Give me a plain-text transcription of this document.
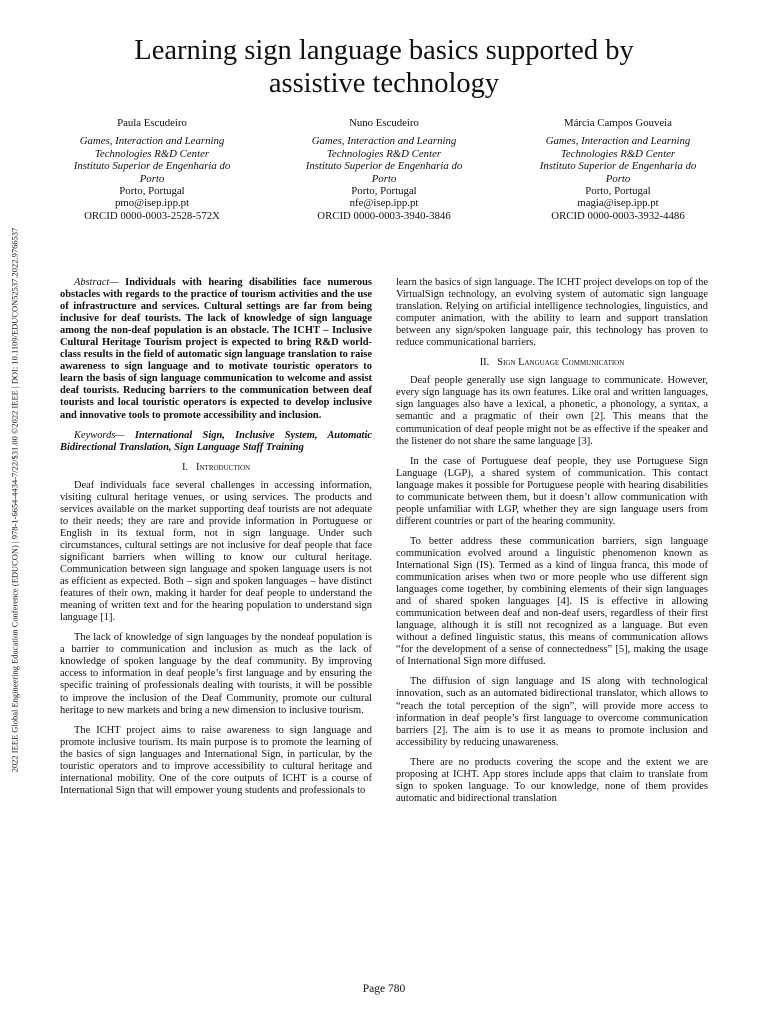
2022 IEEE Global Engineering Education Conference (EDUCON) | 978-1-6654-4434-7/22/$31.00 ©2022 IEEE | DOI: 10.1109/EDUCON52537.2022.9766537
Learning sign language basics supported by
assistive technology
Paula Escudeiro
Games, Interaction and Learning
Technologies R&D Center
Instituto Superior de Engenharia do
Porto
Porto, Portugal
pmo@isep.ipp.pt
ORCID 0000-0003-2528-572X
Nuno Escudeiro
Games, Interaction and Learning
Technologies R&D Center
Instituto Superior de Engenharia do
Porto
Porto, Portugal
nfe@isep.ipp.pt
ORCID 0000-0003-3940-3846
Márcia Campos Gouveia
Games, Interaction and Learning
Technologies R&D Center
Instituto Superior de Engenharia do
Porto
Porto, Portugal
magia@isep.ipp.pt
ORCID 0000-0003-3932-4486

Abstract— Individuals with hearing disabilities face numerous obstacles with regards to the practice of tourism activities and the use of infrastructure and services. Cultural settings are far from being inclusive for deaf tourists. The lack of knowledge of sign language among the non-deaf population is an obstacle. The ICHT – Inclusive Cultural Heritage Tourism project is expected to bring R&D world-class results in the field of automatic sign language translation to raise awareness to sign language and to motivate touristic operators to learn the basis of sign language communication to welcome and assist deaf tourists. Reducing barriers to the communication between deaf tourists and local touristic operators is expected to develop inclusive and innovative tools to promote accessibility and inclusion.

Keywords— International Sign, Inclusive System, Automatic Bidirectional Translation, Sign Language Staff Training

I. Introduction

Deaf individuals face several challenges in accessing information, visiting cultural heritage venues, or using services. The products and services available on the market supporting deaf tourists are not adequate to their needs; they are rare and provide information in Portuguese or English in its textual form, not in sign language. Under such circumstances, cultural settings are not inclusive for deaf people that face significant barriers when willing to know our cultural heritage. Communication between sign language and spoken language users is not as efficient as expected. Both – sign and spoken languages – have distinct features of their own, making it harder for deaf people to understand the meaning of written text and for the hearing population to understand sign language [1].

The lack of knowledge of sign languages by the nondeaf population is a barrier to communication and inclusion as much as the lack of knowledge of spoken language by the deaf community. By improving access to information in deaf people’s first language and by ensuring the specific training of professionals dealing with tourists, it will be possible to improve the inclusion of the Deaf Community, promote our cultural heritage to new markets and bring a new dimension to inclusive tourism.

The ICHT project aims to raise awareness to sign language and promote inclusive tourism. Its main purpose is to promote the learning of the basics of sign languages and International Sign, in particular, by the touristic operators and to improve accessibility to cultural heritage and international mobility. One of the core outputs of ICHT is a course of International Sign that will empower young students and professionals to

learn the basics of sign language. The ICHT project develops on top of the VirtualSign technology, an evolving system of automatic sign language translation. Relying on artificial intelligence technologies, linguistics, and computer animation, with the ability to learn and support translation between any sign/spoken language pair, this technology has proven to reduce communicational barriers.

II. Sign Language Communication

Deaf people generally use sign language to communicate. However, every sign language has its own features. Like oral and written languages, sign languages also have a lexical, a phonetic, a phonology, a syntax, a semantic and a pragmatic of their own [2]. This means that the communication of deaf people might not be as effective if the speaker and the listener do not share the same language [3].

In the case of Portuguese deaf people, they use Portuguese Sign Language (LGP), a shared system of communication. This contact language makes it possible for Portuguese people with hearing disabilities to communicate between them, but it doesn’t allow communication with people unfamiliar with LGP, whether they are sign language users from different countries or part of the hearing community.

To better address these communication barriers, sign language communication evolved around a linguistic phenomenon known as International Sign (IS). Termed as a kind of lingua franca, this mode of communication arises when two or more people who use different sign languages come together, by combining elements of their sign languages and of shared spoken languages [4]. IS is effective in allowing communication between deaf and non-deaf users, regardless of their first language, although it is still not recognized as a language. But even without a defined linguistic status, this means of communication allows “for the development of a sense of connectedness” [5], making the usage of International Sign more diffused.

The diffusion of sign language and IS along with technological innovation, such as an automated bidirectional translator, which allows to “reach the total perception of the sign”, will provide more access to information in deaf people’s first language to overcome communication barriers [2]. The aim is to use it as means to promote inclusion and accessibility by reducing unawareness.

There are no products covering the scope and the extent we are proposing at ICHT. App stores include apps that claim to translate from sign to spoken language. To our knowledge, none of them provides automatic and bidirectional translation

Page 780
